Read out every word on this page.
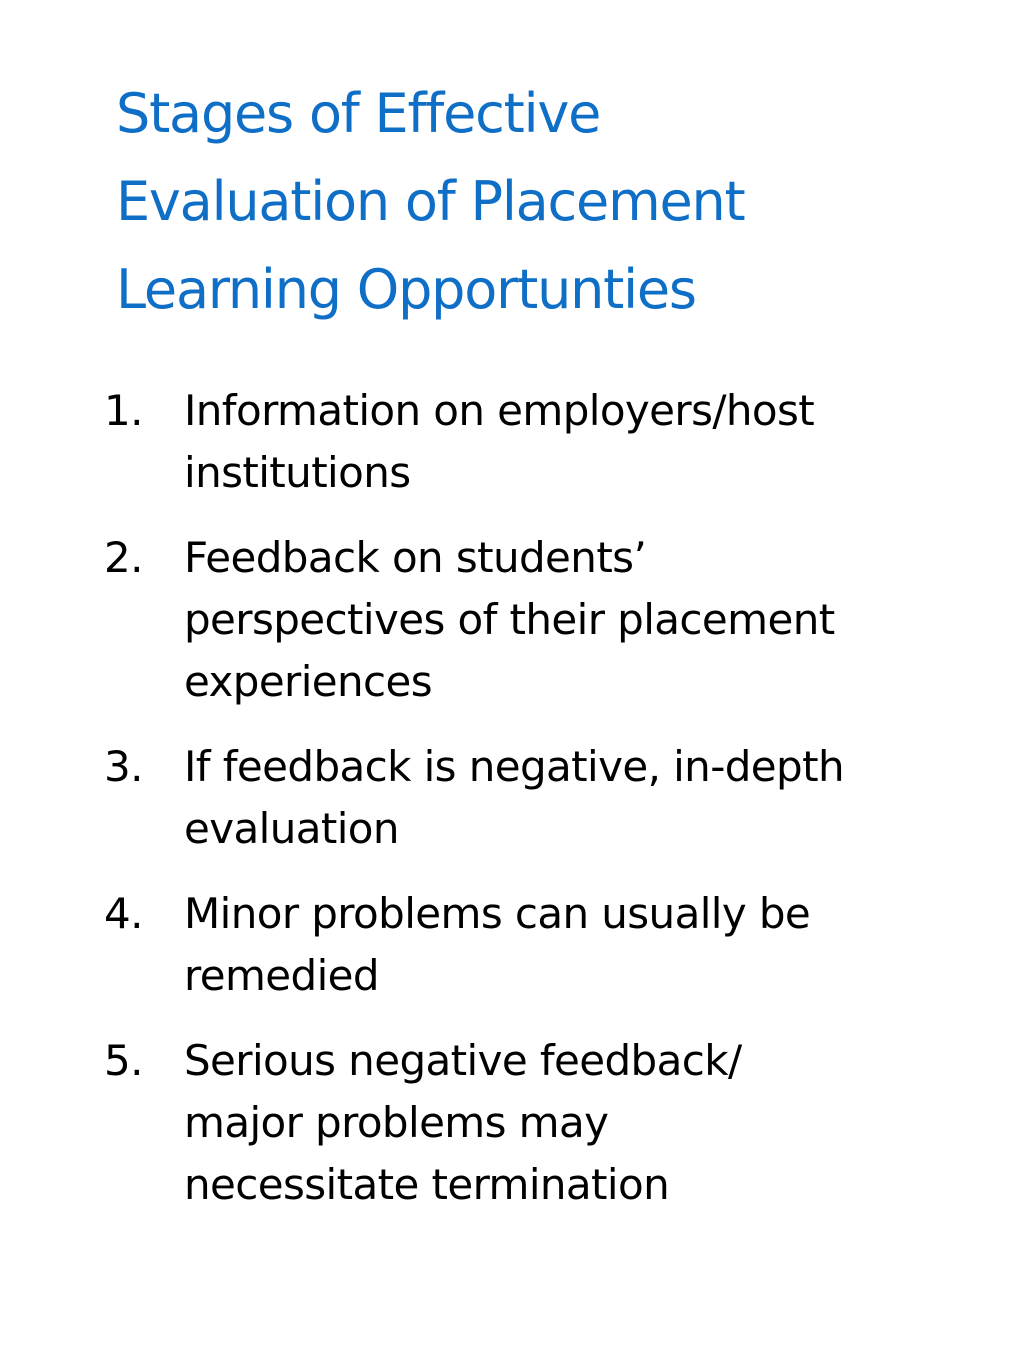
Stages of Effective
Evaluation of Placement
Learning Opportunties
1. Information on employers/host
institutions
2. Feedback on students’
perspectives of their placement
experiences
3. If feedback is negative, in-depth
evaluation
4. Minor problems can usually be
remedied
5. Serious negative feedback/
major problems may
necessitate termination
